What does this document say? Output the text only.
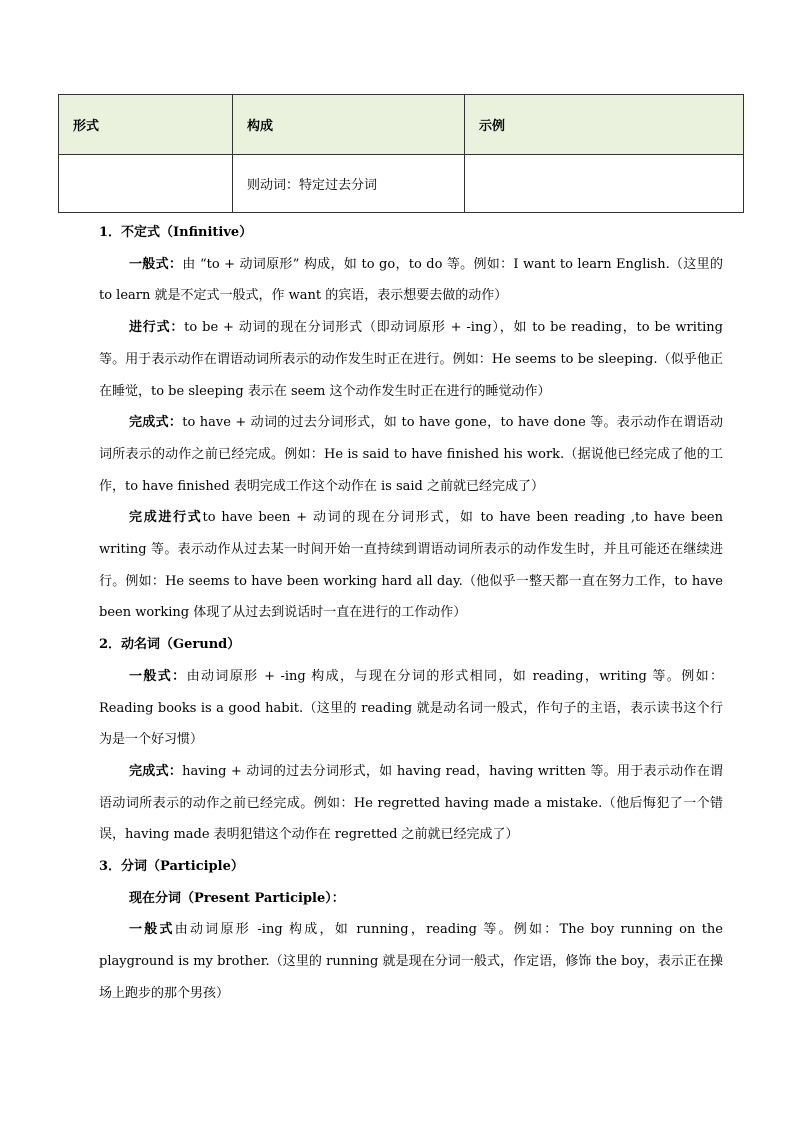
形式	构成	示例
	则动词：特定过去分词	

1．不定式（Infinitive）

一般式：由 “to + 动词原形” 构成，如 to go，to do 等。例如：I want to learn English.（这里的 to learn 就是不定式一般式，作 want 的宾语，表示想要去做的动作）

进行式：to be + 动词的现在分词形式（即动词原形 + -ing），如 to be reading，to be writing 等。用于表示动作在谓语动词所表示的动作发生时正在进行。例如：He seems to be sleeping.（似乎他正在睡觉，to be sleeping 表示在 seem 这个动作发生时正在进行的睡觉动作）

完成式：to have + 动词的过去分词形式，如 to have gone，to have done 等。表示动作在谓语动词所表示的动作之前已经完成。例如：He is said to have finished his work.（据说他已经完成了他的工作，to have finished 表明完成工作这个动作在 is said 之前就已经完成了）

完成进行式to have been + 动词的现在分词形式，如 to have been reading ,to have been writing 等。表示动作从过去某一时间开始一直持续到谓语动词所表示的动作发生时，并且可能还在继续进行。例如：He seems to have been working hard all day.（他似乎一整天都一直在努力工作，to have been working 体现了从过去到说话时一直在进行的工作动作）

2．动名词（Gerund）

一般式：由动词原形 + -ing 构成，与现在分词的形式相同，如 reading，writing 等。例如：Reading books is a good habit.（这里的 reading 就是动名词一般式，作句子的主语，表示读书这个行为是一个好习惯）

完成式：having + 动词的过去分词形式，如 having read，having written 等。用于表示动作在谓语动词所表示的动作之前已经完成。例如：He regretted having made a mistake.（他后悔犯了一个错误，having made 表明犯错这个动作在 regretted 之前就已经完成了）

3．分词（Participle）

现在分词（Present Participle）：

一般式由动词原形 -ing 构成，如 running，reading 等。例如：The boy running on the playground is my brother.（这里的 running 就是现在分词一般式，作定语，修饰 the boy，表示正在操场上跑步的那个男孩）
